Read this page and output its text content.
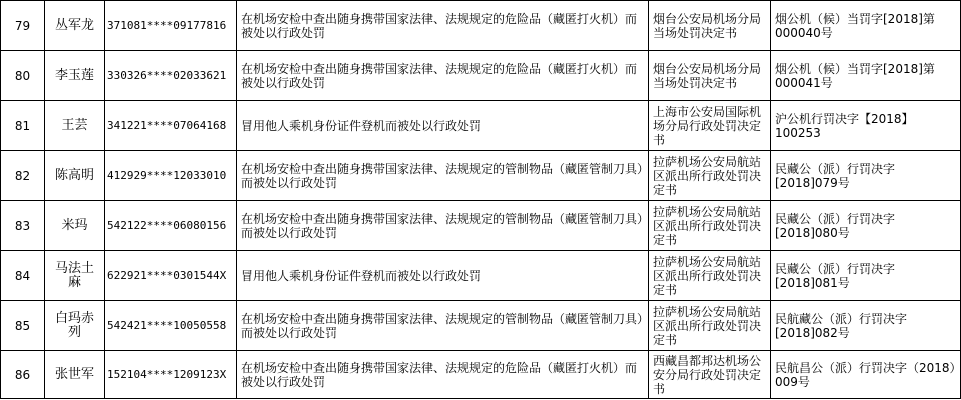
79	丛军龙	371081****09177816	在机场安检中查出随身携带国家法律、法规规定的危险品（藏匿打火机）而被处以行政处罚	烟台公安局机场分局当场处罚决定书	烟公机（候）当罚字[2018]第000040号
80	李玉莲	330326****02033621	在机场安检中查出随身携带国家法律、法规规定的危险品（藏匿打火机）而被处以行政处罚	烟台公安局机场分局当场处罚决定书	烟公机（候）当罚字[2018]第000041号
81	王芸	341221****07064168	冒用他人乘机身份证件登机而被处以行政处罚	上海市公安局国际机场分局行政处罚决定书	沪公机行罚决字【2018】100253
82	陈高明	412929****12033010	在机场安检中查出随身携带国家法律、法规规定的管制物品（藏匿管制刀具）而被处以行政处罚	拉萨机场公安局航站区派出所行政处罚决定书	民藏公（派）行罚决字[2018]079号
83	米玛	542122****06080156	在机场安检中查出随身携带国家法律、法规规定的管制物品（藏匿管制刀具）而被处以行政处罚	拉萨机场公安局航站区派出所行政处罚决定书	民藏公（派）行罚决字[2018]080号
84	马法土麻	622921****0301544X	冒用他人乘机身份证件登机而被处以行政处罚	拉萨机场公安局航站区派出所行政处罚决定书	民藏公（派）行罚决字[2018]081号
85	白玛赤列	542421****10050558	在机场安检中查出随身携带国家法律、法规规定的管制物品（藏匿管制刀具）而被处以行政处罚	拉萨机场公安局航站区派出所行政处罚决定书	民航藏公（派）行罚决字[2018]082号
86	张世军	152104****1209123X	在机场安检中查出随身携带国家法律、法规规定的危险品（藏匿打火机）而被处以行政处罚	西藏昌都邦达机场公安分局行政处罚决定书	民航昌公（派）行罚决字（2018）009号
